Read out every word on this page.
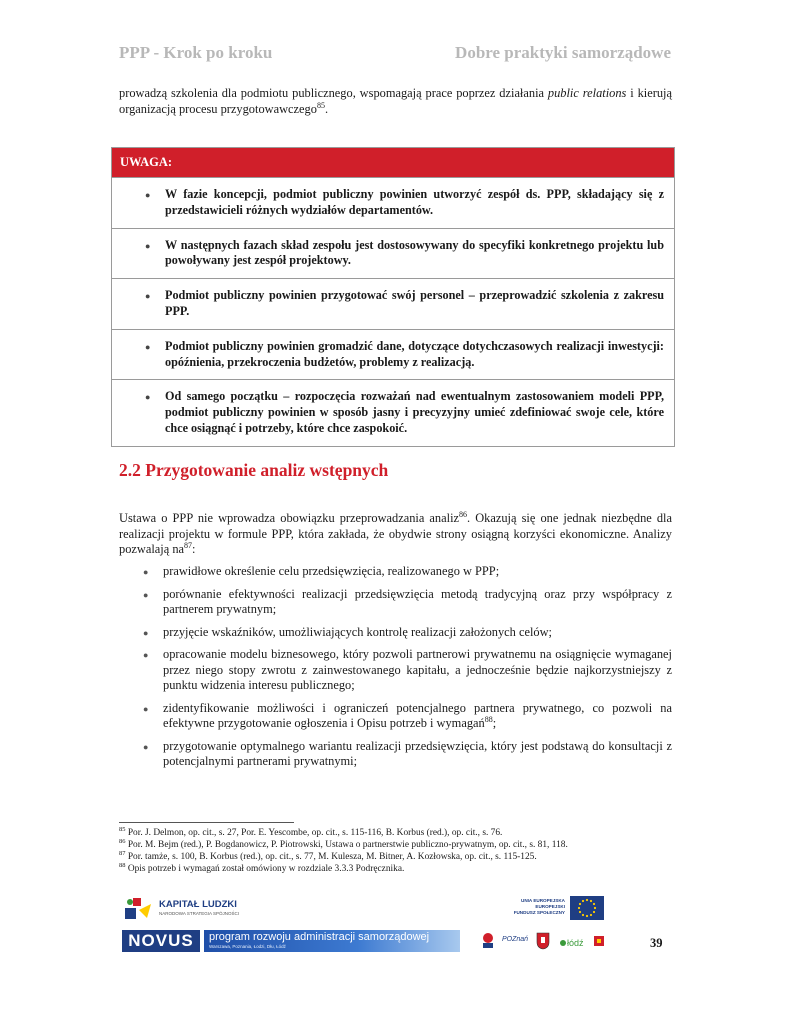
PPP - Krok po kroku	Dobre praktyki samorządowe

prowadzą szkolenia dla podmiotu publicznego, wspomagają prace poprzez działania public relations i kierują organizacją procesu przygotowawczego$^{85}$.

UWAGA:
● W fazie koncepcji, podmiot publiczny powinien utworzyć zespół ds. PPP, składający się z przedstawicieli różnych wydziałów departamentów.
● W następnych fazach skład zespołu jest dostosowywany do specyfiki konkretnego projektu lub powoływany jest zespół projektowy.
● Podmiot publiczny powinien przygotować swój personel – przeprowadzić szkolenia z zakresu PPP.
● Podmiot publiczny powinien gromadzić dane, dotyczące dotychczasowych realizacji inwestycji: opóźnienia, przekroczenia budżetów, problemy z realizacją.
● Od samego początku – rozpoczęcia rozważań nad ewentualnym zastosowaniem modeli PPP, podmiot publiczny powinien w sposób jasny i precyzyjny umieć zdefiniować swoje cele, które chce osiągnąć i potrzeby, które chce zaspokoić.
2.2 Przygotowanie analiz wstępnych

Ustawa o PPP nie wprowadza obowiązku przeprowadzania analiz$^{86}$. Okazują się one jednak niezbędne dla realizacji projektu w formule PPP, która zakłada, że obydwie strony osiągną korzyści ekonomiczne. Analizy pozwalają $na^{87}$:

● prawidłowe określenie celu przedsięwzięcia, realizowanego w PPP;
● porównanie efektywności realizacji przedsięwzięcia metodą tradycyjną oraz przy współpracy z partnerem prywatnym;
● przyjęcie wskaźników, umożliwiających kontrolę realizacji założonych celów;
● opracowanie modelu biznesowego, który pozwoli partnerowi prywatnemu na osiągnięcie wymaganej przez niego stopy zwrotu z zainwestowanego kapitału, a jednocześnie będzie najkorzystniejszy z punktu widzenia interesu publicznego;
● zidentyfikowanie możliwości i ograniczeń potencjalnego partnera prywatnego, co pozwoli na efektywne przygotowanie ogłoszenia i Opisu potrzeb i wymagań$^{88}$;
● przygotowanie optymalnego wariantu realizacji przedsięwzięcia, który jest podstawą do konsultacji z potencjalnymi partnerami prywatnymi;
$^{85}$ Por. J. Delmon, op. cit., s. 27, Por. E. Yescombe, op. cit., s. 115-116, B. Korbus (red.), op. cit., s. 76.
$^{86}$ Por. M. Bejm (red.), P. Bogdanowicz, P. Piotrowski, Ustawa o partnerstwie publiczno-prywatnym, op. cit., s. 81, 118.
$^{87}$ Por. tamże, s. 100, B. Korbus (red.), op. cit., s. 77, M. Kulesza, M. Bitner, A. Kozłowska, op. cit., s. 115-125.
$^{88}$ Opis potrzeb i wymagań został omówiony w rozdziale 3.3.3 Podręcznika.
KAPITAŁ LUDZKI
NARODOWA STRATEGIA SPÓJNOŚCI
UNIA EUROPEJSKA
EUROPEJSKI
FUNDUSZ SPOŁECZNY
NOVUS	program rozwoju administracji samorządowej
Warszawa, Poznania, Łodzi, Dłu, Łódź
POZnań	łódź	39
